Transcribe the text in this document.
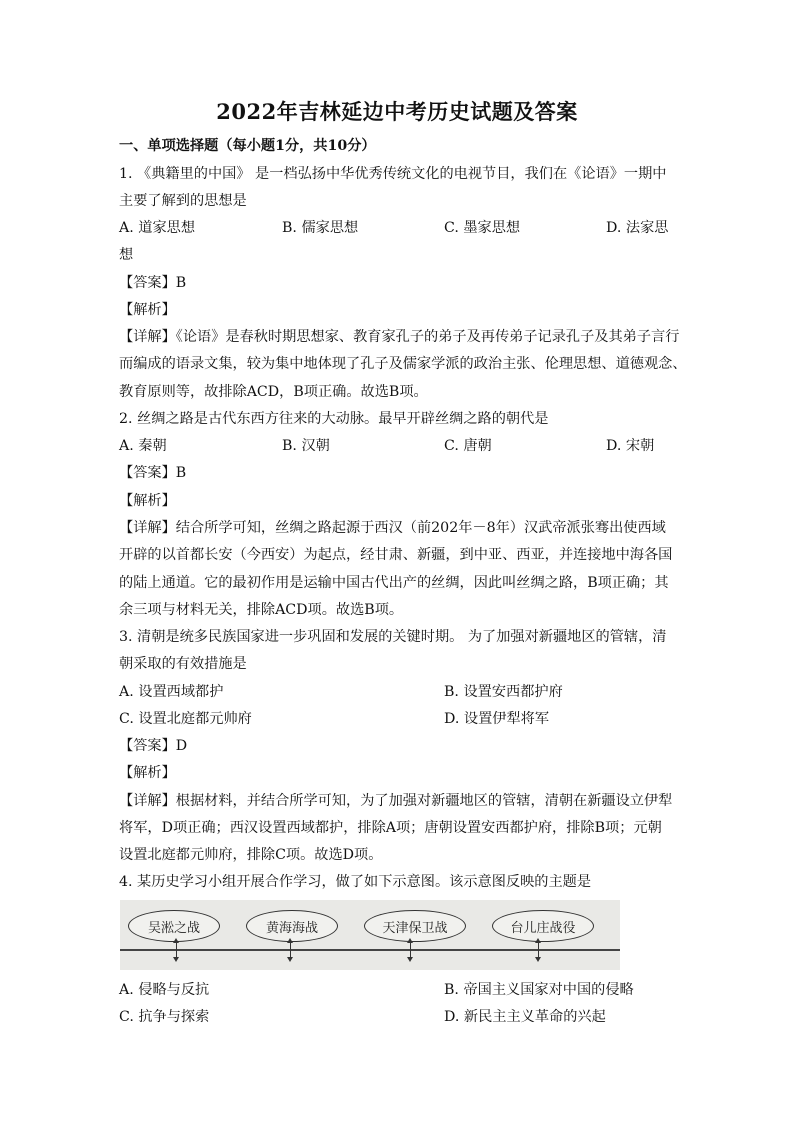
2022年吉林延边中考历史试题及答案
一、单项选择题（每小题1分，共10分）
1. 《典籍里的中国》 是一档弘扬中华优秀传统文化的电视节目，我们在《论语》一期中
主要了解到的思想是
A. 道家思想	B. 儒家思想	C. 墨家思想	D. 法家思
想
【答案】B
【解析】
【详解】《论语》是春秋时期思想家、教育家孔子的弟子及再传弟子记录孔子及其弟子言行
而编成的语录文集，较为集中地体现了孔子及儒家学派的政治主张、伦理思想、道德观念、
教育原则等，故排除ACD，B项正确。故选B项。
2. 丝绸之路是古代东西方往来的大动脉。最早开辟丝绸之路的朝代是
A. 秦朝	B. 汉朝	C. 唐朝	D. 宋朝
【答案】B
【解析】
【详解】结合所学可知，丝绸之路起源于西汉（前202年－8年）汉武帝派张骞出使西域
开辟的以首都长安（今西安）为起点，经甘肃、新疆，到中亚、西亚，并连接地中海各国
的陆上通道。它的最初作用是运输中国古代出产的丝绸，因此叫丝绸之路，B项正确；其
余三项与材料无关，排除ACD项。故选B项。
3. 清朝是统多民族国家进一步巩固和发展的关键时期。 为了加强对新疆地区的管辖，清
朝采取的有效措施是
A. 设置西域都护	B. 设置安西都护府
C. 设置北庭都元帅府	D. 设置伊犁将军
【答案】D
【解析】
【详解】根据材料，并结合所学可知，为了加强对新疆地区的管辖，清朝在新疆设立伊犁
将军，D项正确；西汉设置西域都护，排除A项；唐朝设置安西都护府，排除B项；元朝
设置北庭都元帅府，排除C项。故选D项。
4. 某历史学习小组开展合作学习，做了如下示意图。该示意图反映的主题是
吴淞之战	黄海海战	天津保卫战	台儿庄战役
A. 侵略与反抗	B. 帝国主义国家对中国的侵略
C. 抗争与探索	D. 新民主主义革命的兴起
